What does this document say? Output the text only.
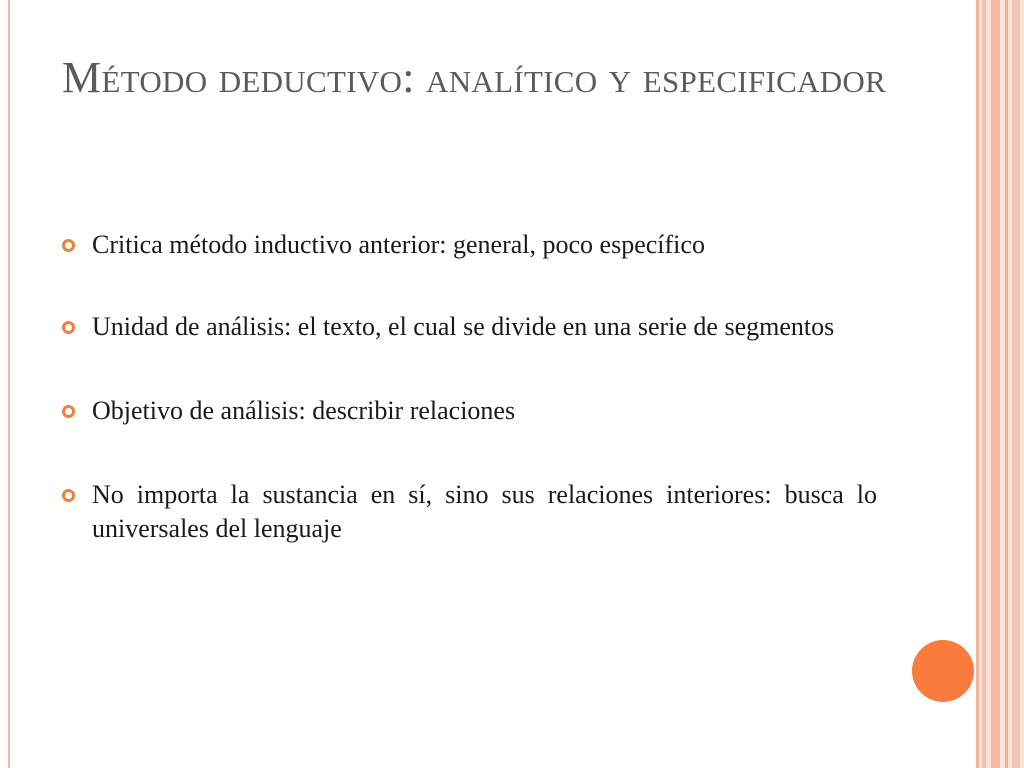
Método deductivo: analítico y especificador
Critica método inductivo anterior: general, poco específico
Unidad de análisis: el texto, el cual se divide en una serie de segmentos
Objetivo de análisis: describir relaciones
No importa la sustancia en sí, sino sus relaciones interiores: busca lo universales del lenguaje
